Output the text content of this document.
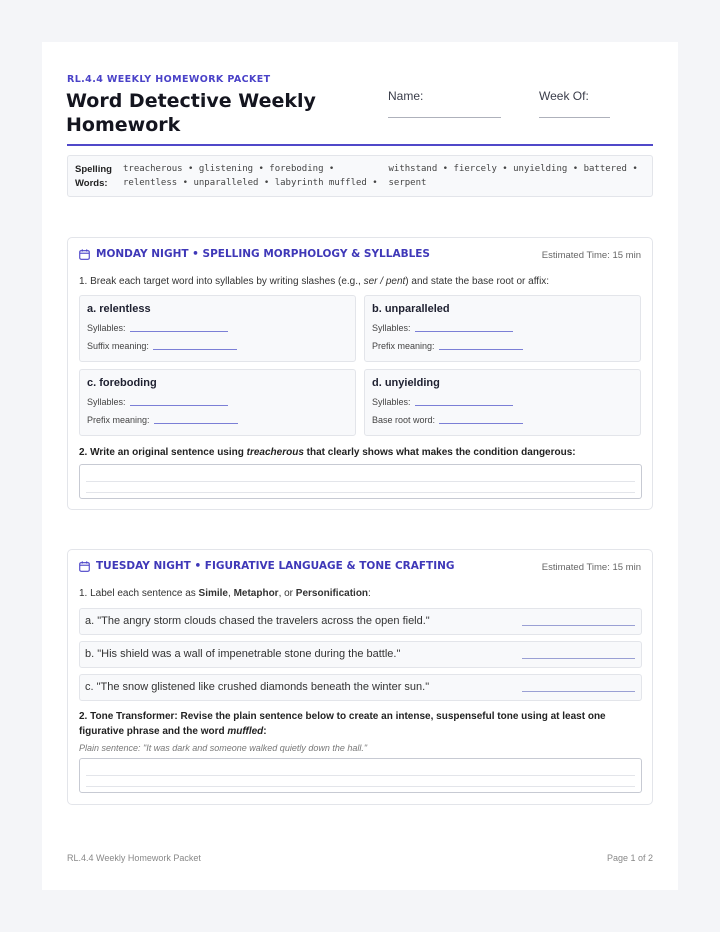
RL.4.4 WEEKLY HOMEWORK PACKET
Word Detective Weekly Homework
Name:	Week Of:
Spelling Words:
treacherous • glistening • foreboding • relentless • unparalleled • labyrinth muffled • withstand • fiercely • unyielding • battered • serpent
MONDAY NIGHT • SPELLING MORPHOLOGY & SYLLABLES	Estimated Time: 15 min
1. Break each target word into syllables by writing slashes (e.g., ser / pent) and state the base root or affix:
a. relentless
Syllables:
Suffix meaning:
b. unparalleled
Syllables:
Prefix meaning:
c. foreboding
Syllables:
Prefix meaning:
d. unyielding
Syllables:
Base root word:
2. Write an original sentence using treacherous that clearly shows what makes the condition dangerous:
TUESDAY NIGHT • FIGURATIVE LANGUAGE & TONE CRAFTING	Estimated Time: 15 min
1. Label each sentence as Simile, Metaphor, or Personification:
a. "The angry storm clouds chased the travelers across the open field."
b. "His shield was a wall of impenetrable stone during the battle."
c. "The snow glistened like crushed diamonds beneath the winter sun."
2. Tone Transformer: Revise the plain sentence below to create an intense, suspenseful tone using at least one figurative phrase and the word muffled:
Plain sentence: "It was dark and someone walked quietly down the hall."
RL.4.4 Weekly Homework Packet	Page 1 of 2
